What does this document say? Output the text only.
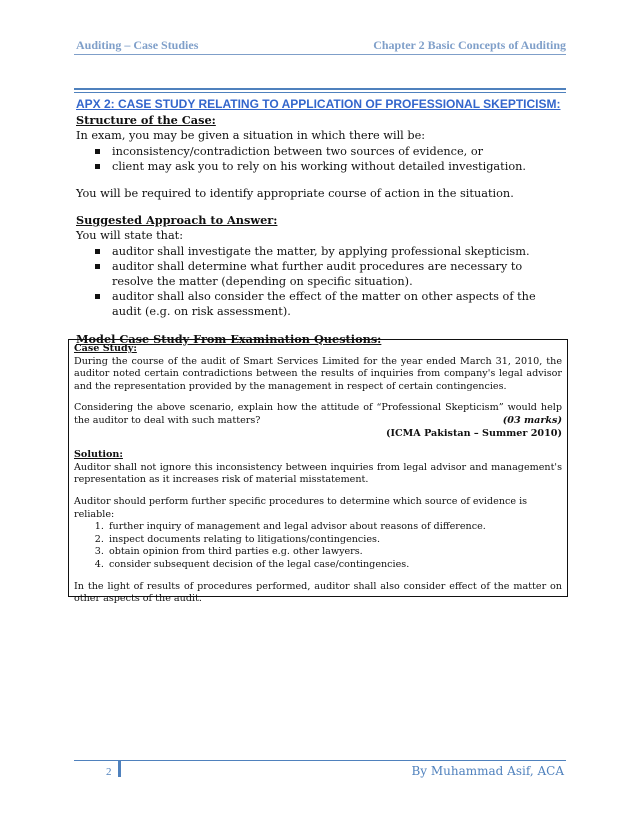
Auditing – Case Studies	Chapter 2 Basic Concepts of Auditing
APX 2: CASE STUDY RELATING TO APPLICATION OF PROFESSIONAL SKEPTICISM:
Structure of the Case:
In exam, you may be given a situation in which there will be:
inconsistency/contradiction between two sources of evidence, or
client may ask you to rely on his working without detailed investigation.
You will be required to identify appropriate course of action in the situation.
Suggested Approach to Answer:
You will state that:
auditor shall investigate the matter, by applying professional skepticism.
auditor shall determine what further audit procedures are necessary to resolve the matter (depending on specific situation).
auditor shall also consider the effect of the matter on other aspects of the audit (e.g. on risk assessment).
Model Case Study From Examination Questions:
Case Study:
During the course of the audit of Smart Services Limited for the year ended March 31, 2010, the auditor noted certain contradictions between the results of inquiries from company's legal advisor and the representation provided by the management in respect of certain contingencies.
Considering the above scenario, explain how the attitude of “Professional Skepticism” would help the auditor to deal with such matters?	(03 marks)
(ICMA Pakistan – Summer 2010)
Solution:
Auditor shall not ignore this inconsistency between inquiries from legal advisor and management's representation as it increases risk of material misstatement.
Auditor should perform further specific procedures to determine which source of evidence is reliable:
1. further inquiry of management and legal advisor about reasons of difference.
2. inspect documents relating to litigations/contingencies.
3. obtain opinion from third parties e.g. other lawyers.
4. consider subsequent decision of the legal case/contingencies.
In the light of results of procedures performed, auditor shall also consider effect of the matter on other aspects of the audit.
2	By Muhammad Asif, ACA
